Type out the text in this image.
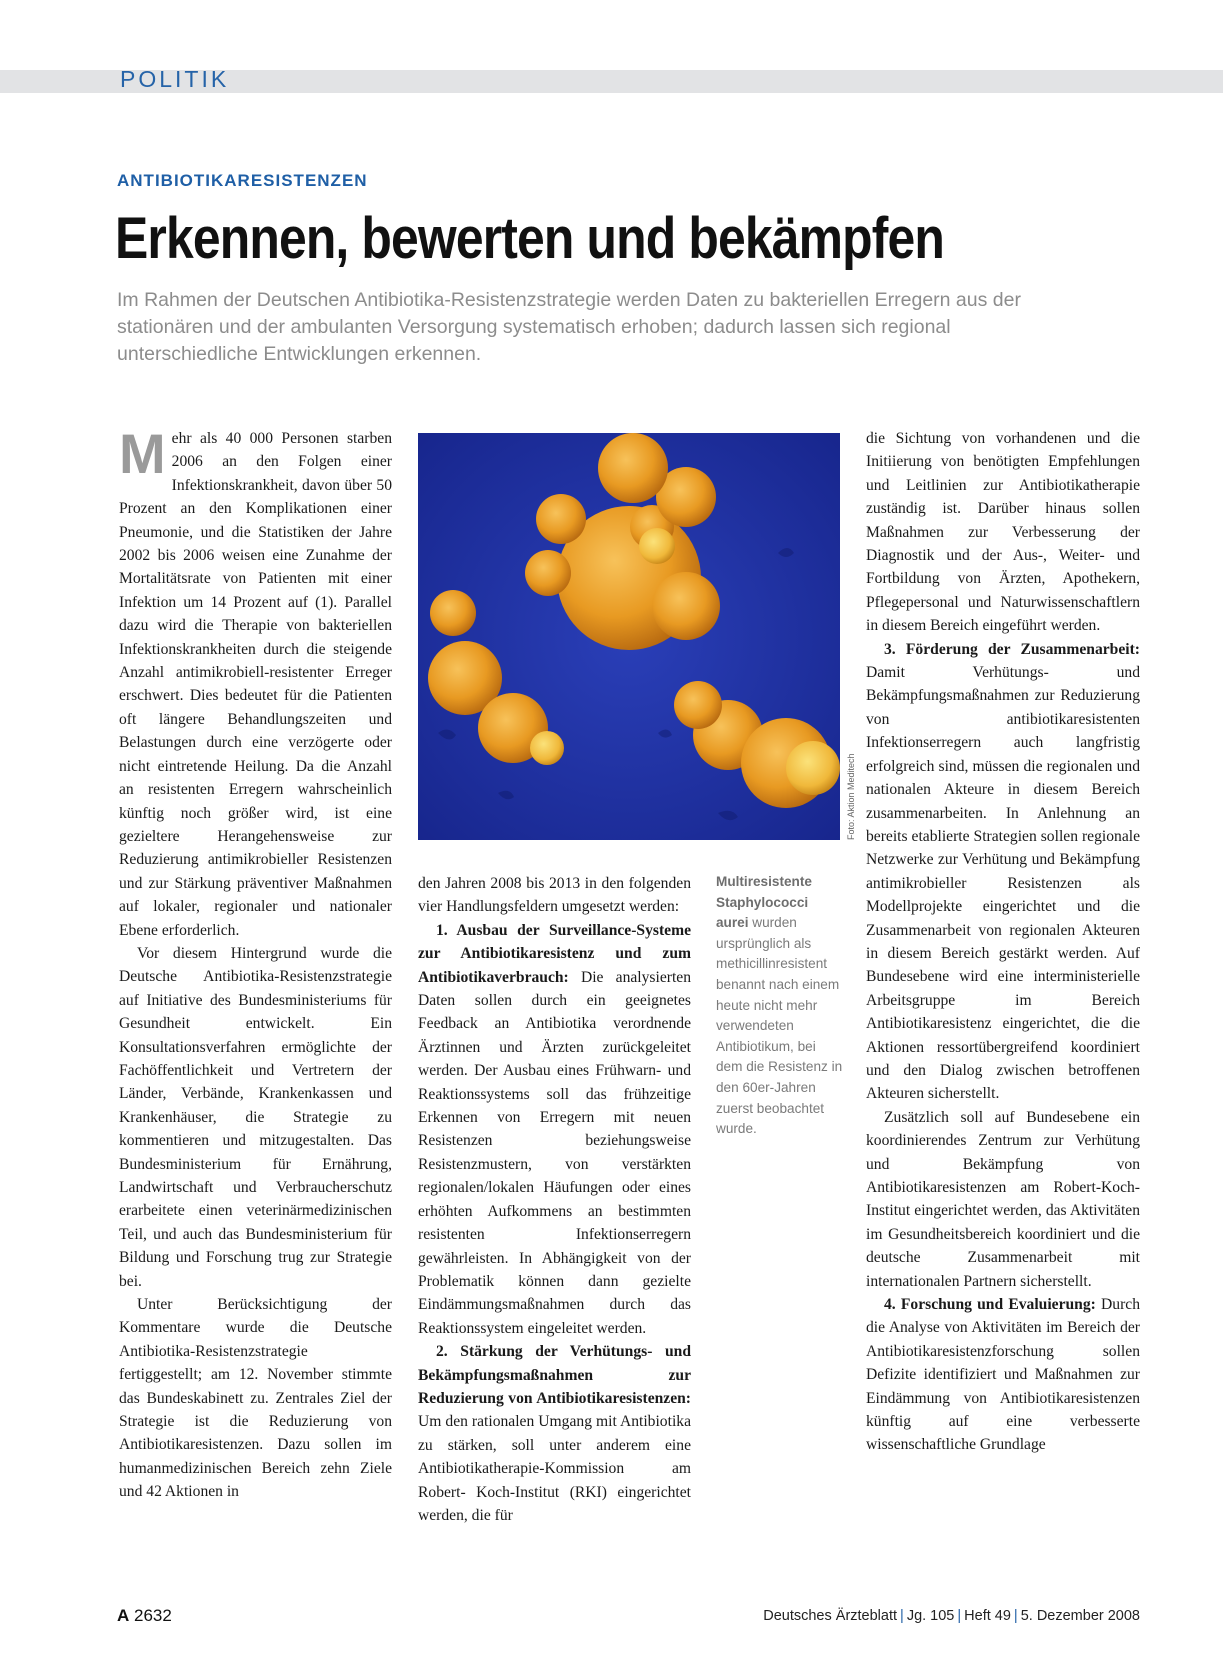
POLITIK
ANTIBIOTIKARESISTENZEN
Erkennen, bewerten und bekämpfen
Im Rahmen der Deutschen Antibiotika-Resistenzstrategie werden Daten zu bakteriellen Erregern aus der stationären und der ambulanten Versorgung systematisch erhoben; dadurch lassen sich regional unterschiedliche Entwicklungen erkennen.

Mehr als 40 000 Personen starben 2006 an den Folgen einer Infektionskrankheit, davon über 50 Prozent an den Komplikationen einer Pneumonie, und die Statistiken der Jahre 2002 bis 2006 weisen eine Zunahme der Mortalitätsrate von Patienten mit einer Infektion um 14 Prozent auf (1). Parallel dazu wird die Therapie von bakteriellen Infektionskrankheiten durch die steigende Anzahl antimikrobiell-resistenter Erreger erschwert. Dies bedeutet für die Patienten oft längere Behandlungszeiten und Belastungen durch eine verzögerte oder nicht eintretende Heilung. Da die Anzahl an resistenten Erregern wahrscheinlich künftig noch größer wird, ist eine gezieltere Herangehensweise zur Reduzierung antimikrobieller Resistenzen und zur Stärkung präventiver Maßnahmen auf lokaler, regionaler und nationaler Ebene erforderlich.

Vor diesem Hintergrund wurde die Deutsche Antibiotika-Resistenzstrategie auf Initiative des Bundesministeriums für Gesundheit entwickelt. Ein Konsultationsverfahren ermöglichte der Fachöffentlichkeit und Vertretern der Länder, Verbände, Krankenkassen und Krankenhäuser, die Strategie zu kommentieren und mitzugestalten. Das Bundesministerium für Ernährung, Landwirtschaft und Verbraucherschutz erarbeitete einen veterinärmedizinischen Teil, und auch das Bundesministerium für Bildung und Forschung trug zur Strategie bei.

Unter Berücksichtigung der Kommentare wurde die Deutsche Antibiotika-Resistenzstrategie fertiggestellt; am 12. November stimmte das Bundeskabinett zu. Zentrales Ziel der Strategie ist die Reduzierung von Antibiotikaresistenzen. Dazu sollen im humanmedizinischen Bereich zehn Ziele und 42 Aktionen in

Foto: Aktion Meditech
Multiresistente Staphylococci aurei wurden ursprünglich als methicillinresistent benannt nach einem heute nicht mehr verwendeten Antibiotikum, bei dem die Resistenz in den 60er-Jahren zuerst beobachtet wurde.

den Jahren 2008 bis 2013 in den folgenden vier Handlungsfeldern umgesetzt werden:

1. Ausbau der Surveillance-Systeme zur Antibiotikaresistenz und zum Antibiotikaverbrauch: Die analysierten Daten sollen durch ein geeignetes Feedback an Antibiotika verordnende Ärztinnen und Ärzten zurückgeleitet werden. Der Ausbau eines Frühwarn- und Reaktionssystems soll das frühzeitige Erkennen von Erregern mit neuen Resistenzen beziehungsweise Resistenzmustern, von verstärkten regionalen/lokalen Häufungen oder eines erhöhten Aufkommens an bestimmten resistenten Infektionserregern gewährleisten. In Abhängigkeit von der Problematik können dann gezielte Eindämmungsmaßnahmen durch das Reaktionssystem eingeleitet werden.

2. Stärkung der Verhütungs- und Bekämpfungsmaßnahmen zur Reduzierung von Antibiotikaresistenzen: Um den rationalen Umgang mit Antibiotika zu stärken, soll unter anderem eine Antibiotikatherapie-Kommission am Robert- Koch-Institut (RKI) eingerichtet werden, die für

die Sichtung von vorhandenen und die Initiierung von benötigten Empfehlungen und Leitlinien zur Antibiotikatherapie zuständig ist. Darüber hinaus sollen Maßnahmen zur Verbesserung der Diagnostik und der Aus-, Weiter- und Fortbildung von Ärzten, Apothekern, Pflegepersonal und Naturwissenschaftlern in diesem Bereich eingeführt werden.

3. Förderung der Zusammenarbeit: Damit Verhütungs- und Bekämpfungsmaßnahmen zur Reduzierung von antibiotikaresistenten Infektionserregern auch langfristig erfolgreich sind, müssen die regionalen und nationalen Akteure in diesem Bereich zusammenarbeiten. In Anlehnung an bereits etablierte Strategien sollen regionale Netzwerke zur Verhütung und Bekämpfung antimikrobieller Resistenzen als Modellprojekte eingerichtet und die Zusammenarbeit von regionalen Akteuren in diesem Bereich gestärkt werden. Auf Bundesebene wird eine interministerielle Arbeitsgruppe im Bereich Antibiotikaresistenz eingerichtet, die die Aktionen ressortübergreifend koordiniert und den Dialog zwischen betroffenen Akteuren sicherstellt.

Zusätzlich soll auf Bundesebene ein koordinierendes Zentrum zur Verhütung und Bekämpfung von Antibiotikaresistenzen am Robert-Koch-Institut eingerichtet werden, das Aktivitäten im Gesundheitsbereich koordiniert und die deutsche Zusammenarbeit mit internationalen Partnern sicherstellt.

4. Forschung und Evaluierung: Durch die Analyse von Aktivitäten im Bereich der Antibiotikaresistenzforschung sollen Defizite identifiziert und Maßnahmen zur Eindämmung von Antibiotikaresistenzen künftig auf eine verbesserte wissenschaftliche Grundlage

A 2632	Deutsches Ärzteblatt | Jg. 105 | Heft 49 | 5. Dezember 2008
